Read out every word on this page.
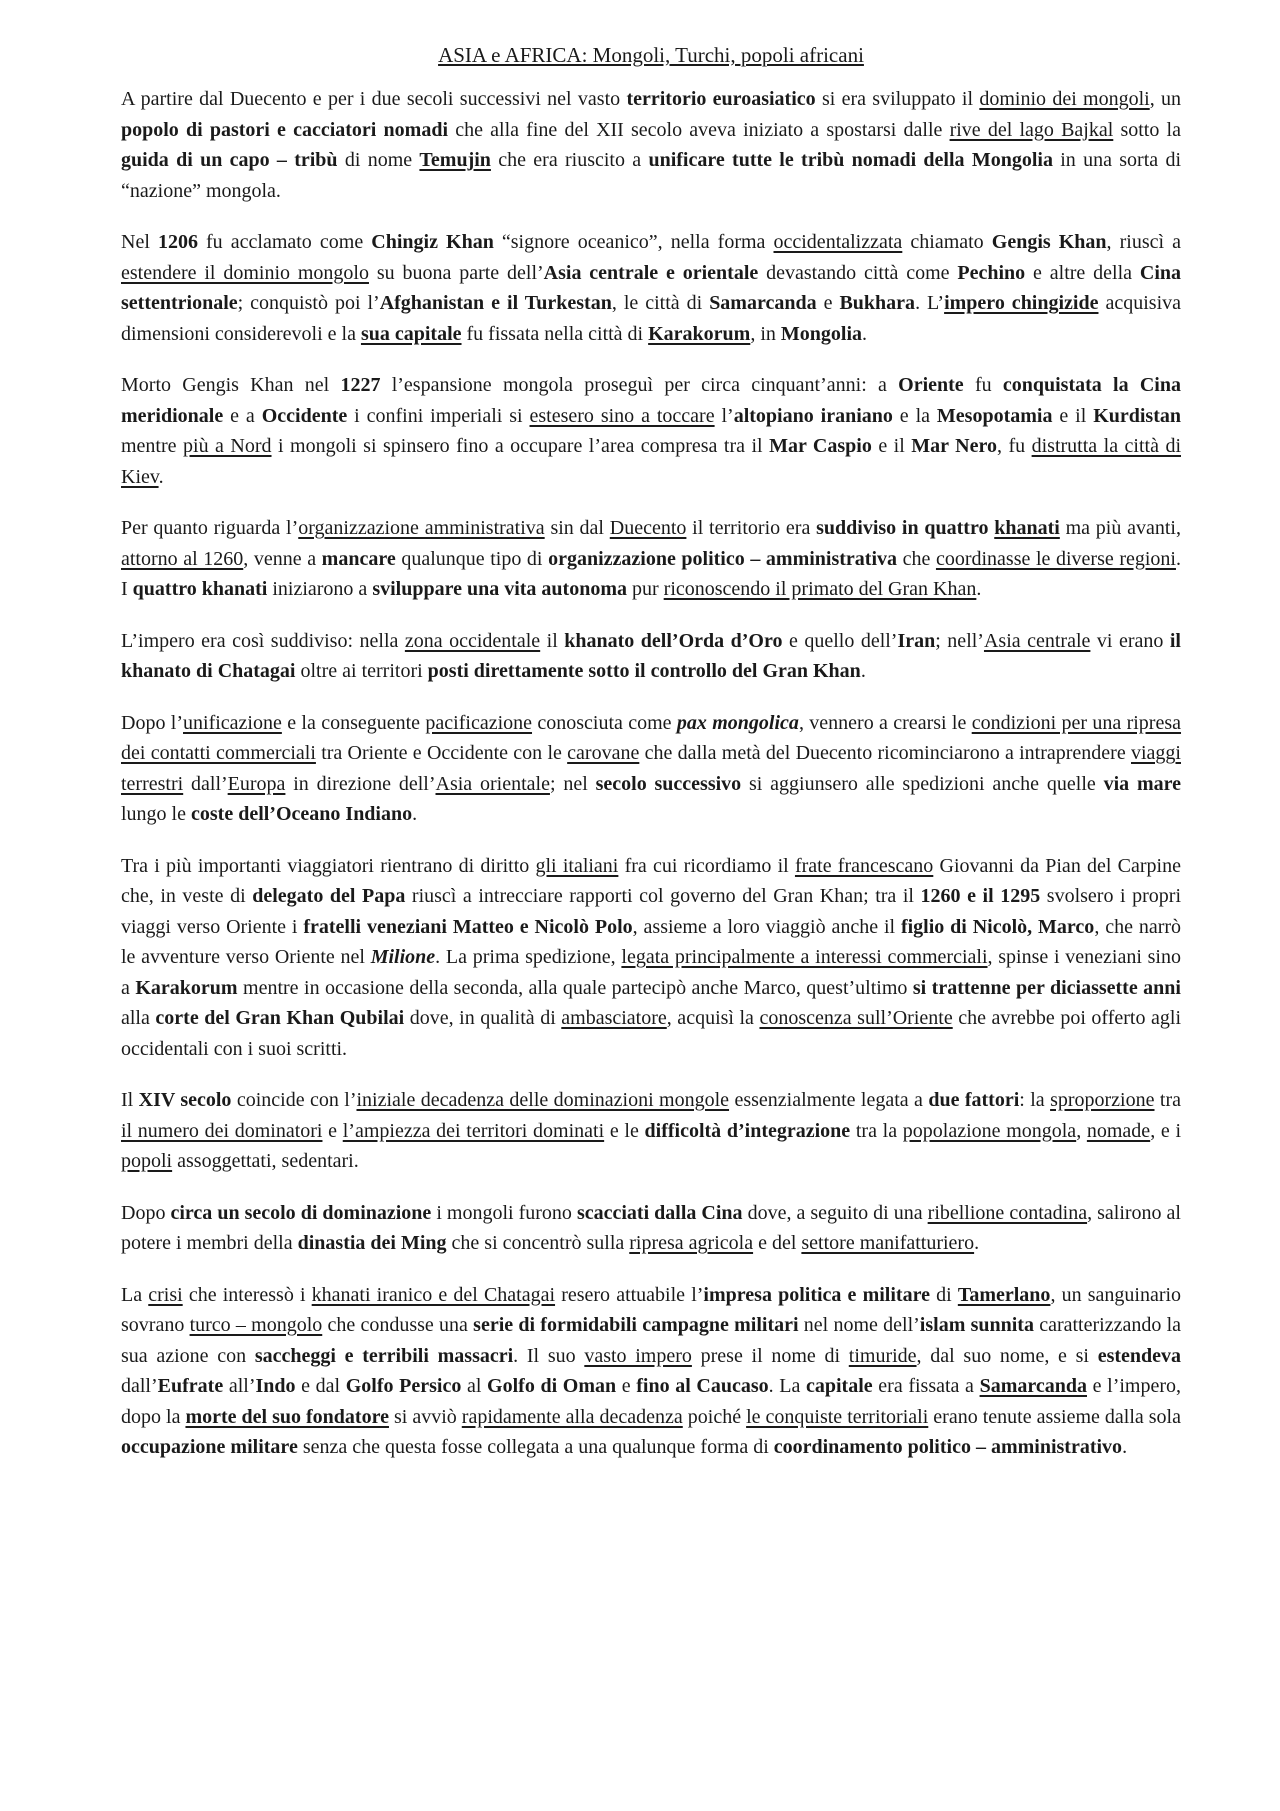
ASIA e AFRICA: Mongoli, Turchi, popoli africani

A partire dal Duecento e per i due secoli successivi nel vasto territorio euroasiatico si era sviluppato il dominio dei mongoli, un popolo di pastori e cacciatori nomadi che alla fine del XII secolo aveva iniziato a spostarsi dalle rive del lago Bajkal sotto la guida di un capo – tribù di nome Temujin che era riuscito a unificare tutte le tribù nomadi della Mongolia in una sorta di “nazione” mongola.

Nel 1206 fu acclamato come Chingiz Khan “signore oceanico”, nella forma occidentalizzata chiamato Gengis Khan, riuscì a estendere il dominio mongolo su buona parte dell’Asia centrale e orientale devastando città come Pechino e altre della Cina settentrionale; conquistò poi l’Afghanistan e il Turkestan, le città di Samarcanda e Bukhara. L’impero chingizide acquisiva dimensioni considerevoli e la sua capitale fu fissata nella città di Karakorum, in Mongolia.

Morto Gengis Khan nel 1227 l’espansione mongola proseguì per circa cinquant’anni: a Oriente fu conquistata la Cina meridionale e a Occidente i confini imperiali si estesero sino a toccare l’altopiano iraniano e la Mesopotamia e il Kurdistan mentre più a Nord i mongoli si spinsero fino a occupare l’area compresa tra il Mar Caspio e il Mar Nero, fu distrutta la città di Kiev.

Per quanto riguarda l’organizzazione amministrativa sin dal Duecento il territorio era suddiviso in quattro khanati ma più avanti, attorno al 1260, venne a mancare qualunque tipo di organizzazione politico – amministrativa che coordinasse le diverse regioni. I quattro khanati iniziarono a sviluppare una vita autonoma pur riconoscendo il primato del Gran Khan.

L’impero era così suddiviso: nella zona occidentale il khanato dell’Orda d’Oro e quello dell’Iran; nell’Asia centrale vi erano il khanato di Chatagai oltre ai territori posti direttamente sotto il controllo del Gran Khan.

Dopo l’unificazione e la conseguente pacificazione conosciuta come pax mongolica, vennero a crearsi le condizioni per una ripresa dei contatti commerciali tra Oriente e Occidente con le carovane che dalla metà del Duecento ricominciarono a intraprendere viaggi terrestri dall’Europa in direzione dell’Asia orientale; nel secolo successivo si aggiunsero alle spedizioni anche quelle via mare lungo le coste dell’Oceano Indiano.

Tra i più importanti viaggiatori rientrano di diritto gli italiani fra cui ricordiamo il frate francescano Giovanni da Pian del Carpine che, in veste di delegato del Papa riuscì a intrecciare rapporti col governo del Gran Khan; tra il 1260 e il 1295 svolsero i propri viaggi verso Oriente i fratelli veneziani Matteo e Nicolò Polo, assieme a loro viaggiò anche il figlio di Nicolò, Marco, che narrò le avventure verso Oriente nel Milione. La prima spedizione, legata principalmente a interessi commerciali, spinse i veneziani sino a Karakorum mentre in occasione della seconda, alla quale partecipò anche Marco, quest’ultimo si trattenne per diciassette anni alla corte del Gran Khan Qubilai dove, in qualità di ambasciatore, acquisì la conoscenza sull’Oriente che avrebbe poi offerto agli occidentali con i suoi scritti.

Il XIV secolo coincide con l’iniziale decadenza delle dominazioni mongole essenzialmente legata a due fattori: la sproporzione tra il numero dei dominatori e l’ampiezza dei territori dominati e le difficoltà d’integrazione tra la popolazione mongola, nomade, e i popoli assoggettati, sedentari.

Dopo circa un secolo di dominazione i mongoli furono scacciati dalla Cina dove, a seguito di una ribellione contadina, salirono al potere i membri della dinastia dei Ming che si concentrò sulla ripresa agricola e del settore manifatturiero.

La crisi che interessò i khanati iranico e del Chatagai resero attuabile l’impresa politica e militare di Tamerlano, un sanguinario sovrano turco – mongolo che condusse una serie di formidabili campagne militari nel nome dell’islam sunnita caratterizzando la sua azione con saccheggi e terribili massacri. Il suo vasto impero prese il nome di timuride, dal suo nome, e si estendeva dall’Eufrate all’Indo e dal Golfo Persico al Golfo di Oman e fino al Caucaso. La capitale era fissata a Samarcanda e l’impero, dopo la morte del suo fondatore si avviò rapidamente alla decadenza poiché le conquiste territoriali erano tenute assieme dalla sola occupazione militare senza che questa fosse collegata a una qualunque forma di coordinamento politico – amministrativo.
